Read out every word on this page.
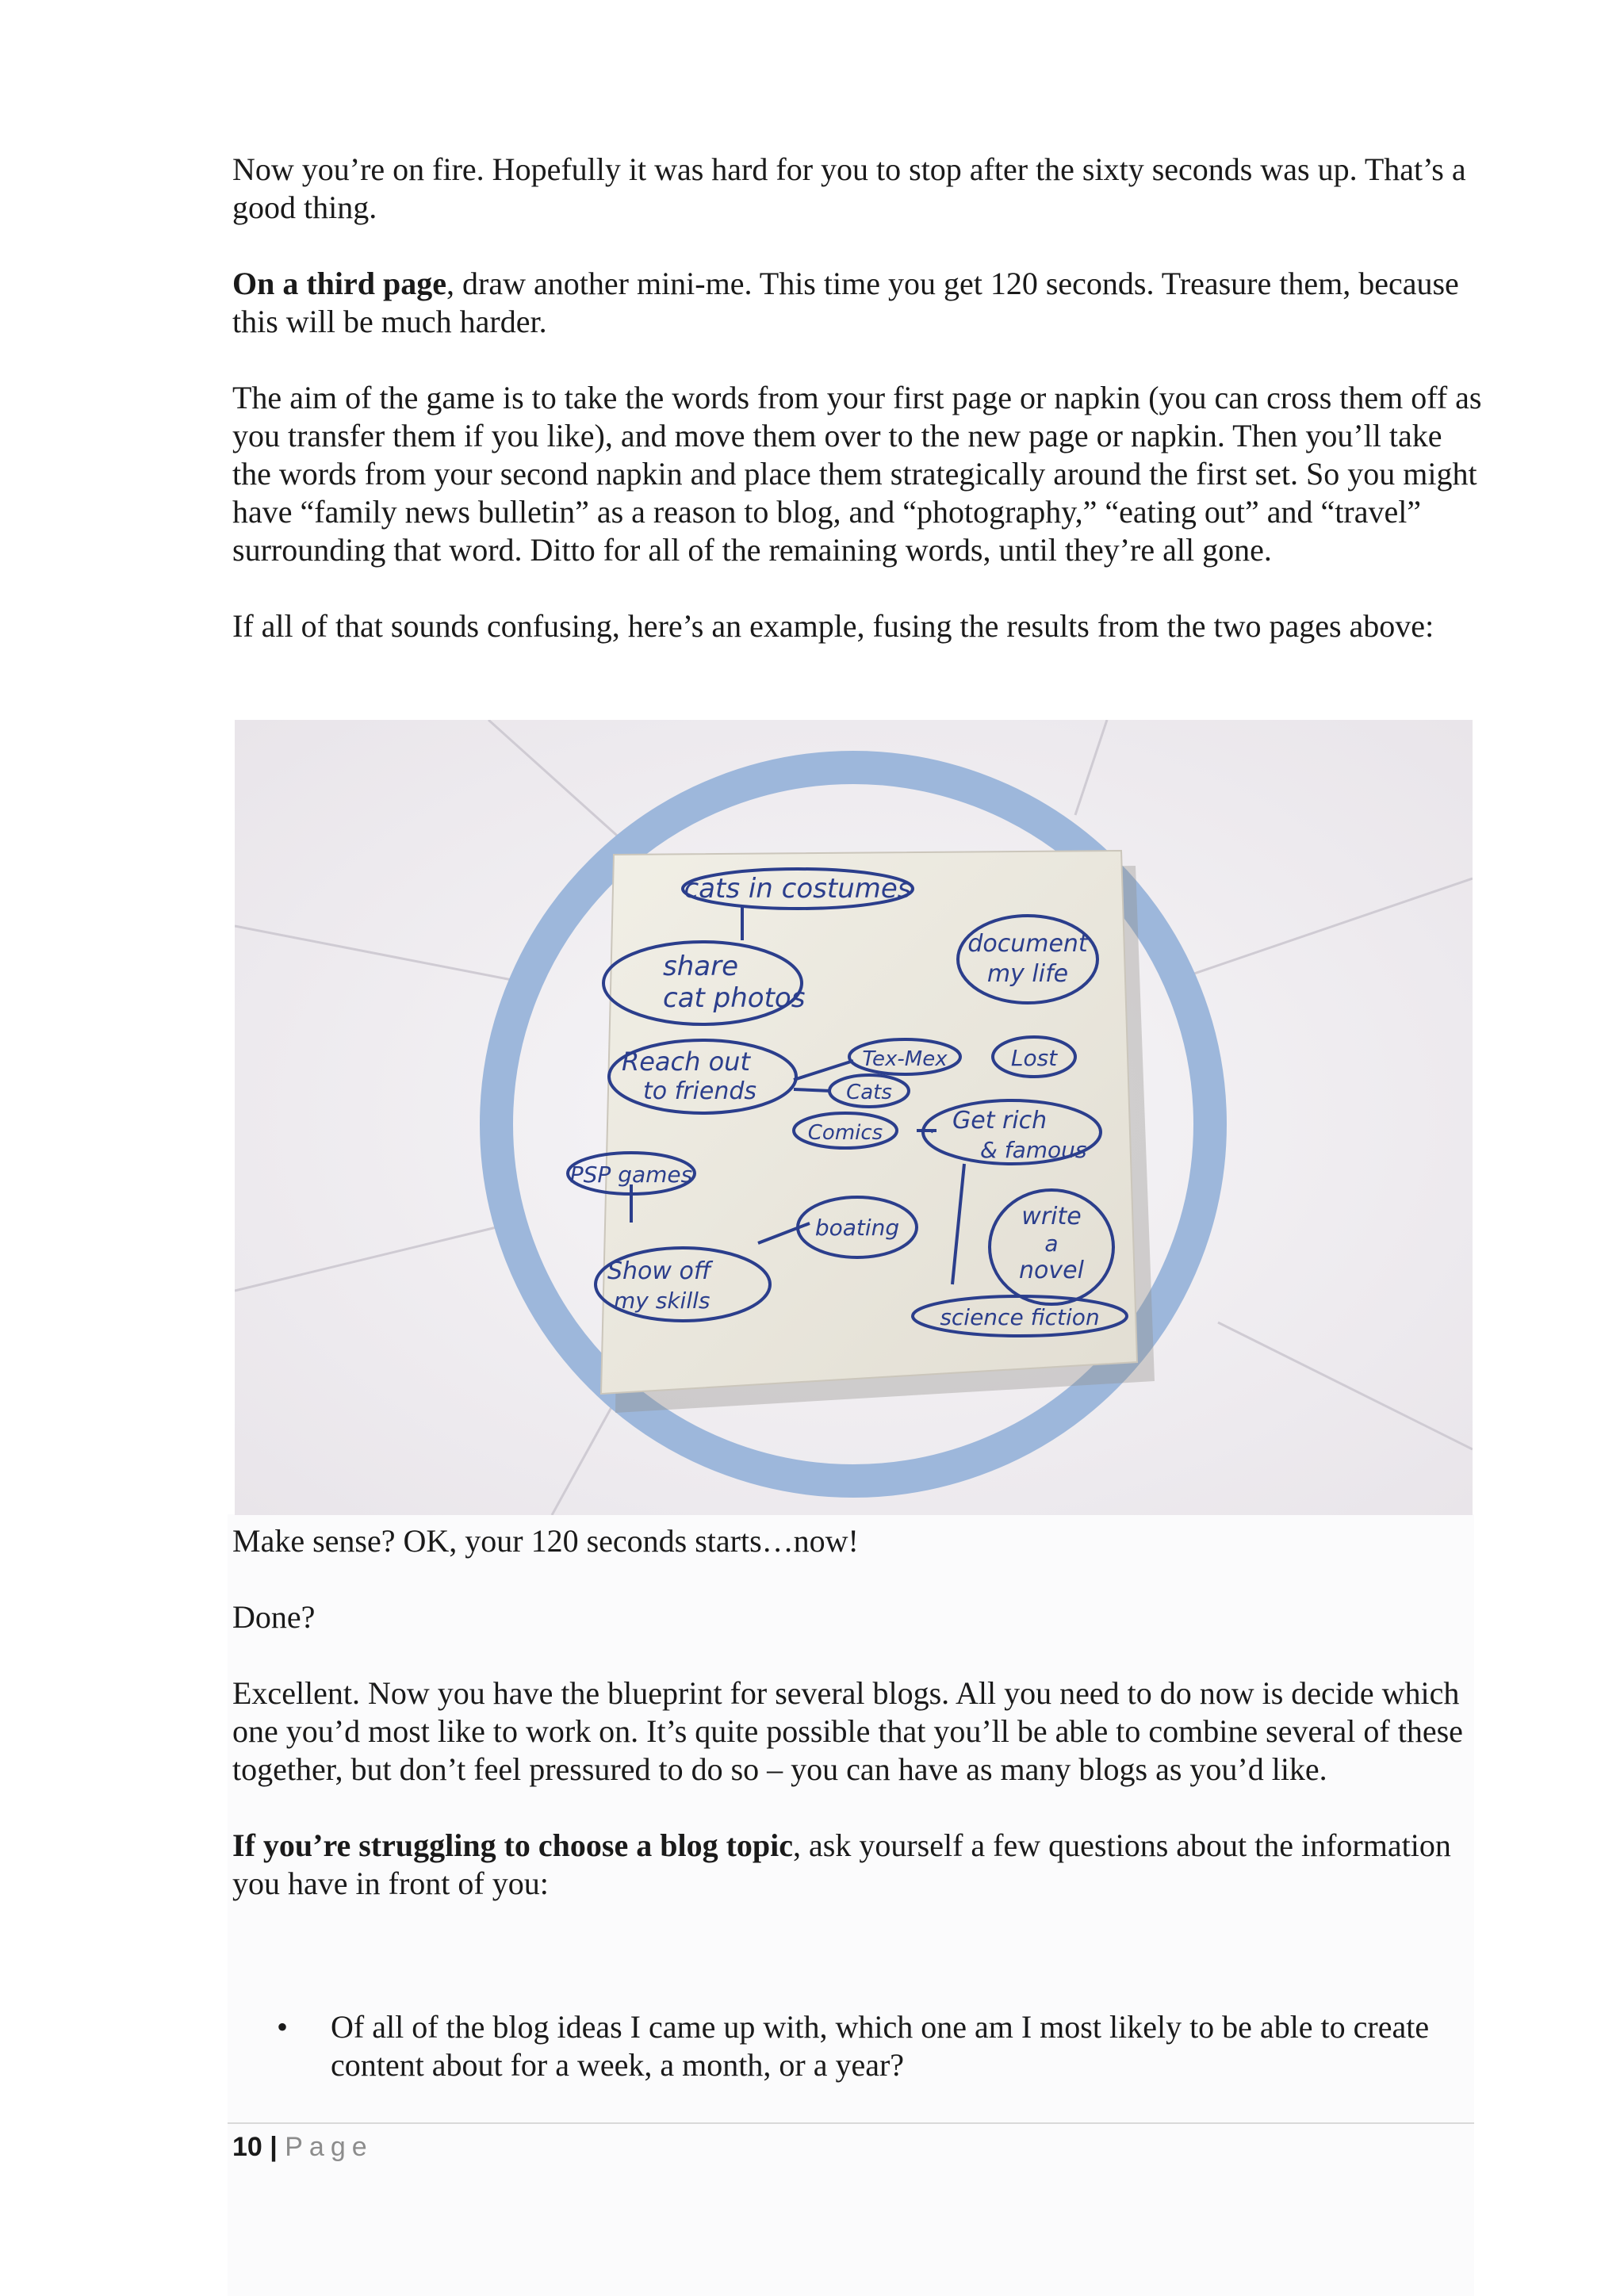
Now you’re on fire. Hopefully it was hard for you to stop after the sixty seconds was up. That’s a good thing.

On a third page, draw another mini-me. This time you get 120 seconds. Treasure them, because this will be much harder.

The aim of the game is to take the words from your first page or napkin (you can cross them off as you transfer them if you like), and move them over to the new page or napkin. Then you’ll take the words from your second napkin and place them strategically around the first set. So you might have “family news bulletin” as a reason to blog, and “photography,” “eating out” and “travel” surrounding that word. Ditto for all of the remaining words, until they’re all gone.

If all of that sounds confusing, here’s an example, fusing the results from the two pages above:

Make sense? OK, your 120 seconds starts…now!

Done?

Excellent. Now you have the blueprint for several blogs. All you need to do now is decide which one you’d most like to work on. It’s quite possible that you’ll be able to combine several of these together, but don’t feel pressured to do so – you can have as many blogs as you’d like.

If you’re struggling to choose a blog topic, ask yourself a few questions about the information you have in front of you:

cats in costumes
share
cat photos
document
my life
Reach out
to friends
Tex-Mex	Lost
Cats
Comics	Get rich
& famous
PSP games
boating	write
a
novel
Show off
my skills
science fiction
• Of all of the blog ideas I came up with, which one am I most likely to be able to create content about for a week, a month, or a year?
10 | Page
